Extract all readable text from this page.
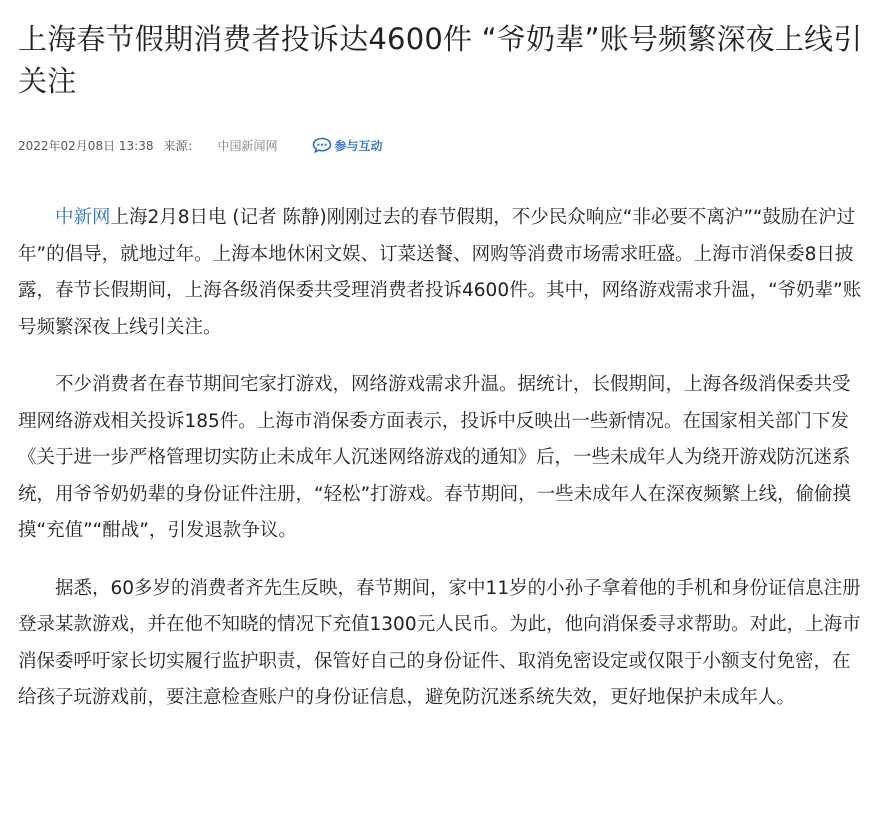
上海春节假期消费者投诉达4600件 “爷奶辈”账号频繁深夜上线引关注
2022年02月08日 13:38 来源： 中国新闻网	参与互动

中新网上海2月8日电 (记者 陈静)刚刚过去的春节假期，不少民众响应“非必要不离沪”“鼓励在沪过年”的倡导，就地过年。上海本地休闲文娱、订菜送餐、网购等消费市场需求旺盛。上海市消保委8日披露，春节长假期间，上海各级消保委共受理消费者投诉4600件。其中，网络游戏需求升温，“爷奶辈”账号频繁深夜上线引关注。

不少消费者在春节期间宅家打游戏，网络游戏需求升温。据统计，长假期间，上海各级消保委共受理网络游戏相关投诉185件。上海市消保委方面表示，投诉中反映出一些新情况。在国家相关部门下发《关于进一步严格管理切实防止未成年人沉迷网络游戏的通知》后，一些未成年人为绕开游戏防沉迷系统，用爷爷奶奶辈的身份证件注册，“轻松”打游戏。春节期间，一些未成年人在深夜频繁上线，偷偷摸摸“充值”“酣战”，引发退款争议。

据悉，60多岁的消费者齐先生反映，春节期间，家中11岁的小孙子拿着他的手机和身份证信息注册登录某款游戏，并在他不知晓的情况下充值1300元人民币。为此，他向消保委寻求帮助。对此，上海市消保委呼吁家长切实履行监护职责，保管好自己的身份证件、取消免密设定或仅限于小额支付免密，在给孩子玩游戏前，要注意检查账户的身份证信息，避免防沉迷系统失效，更好地保护未成年人。
